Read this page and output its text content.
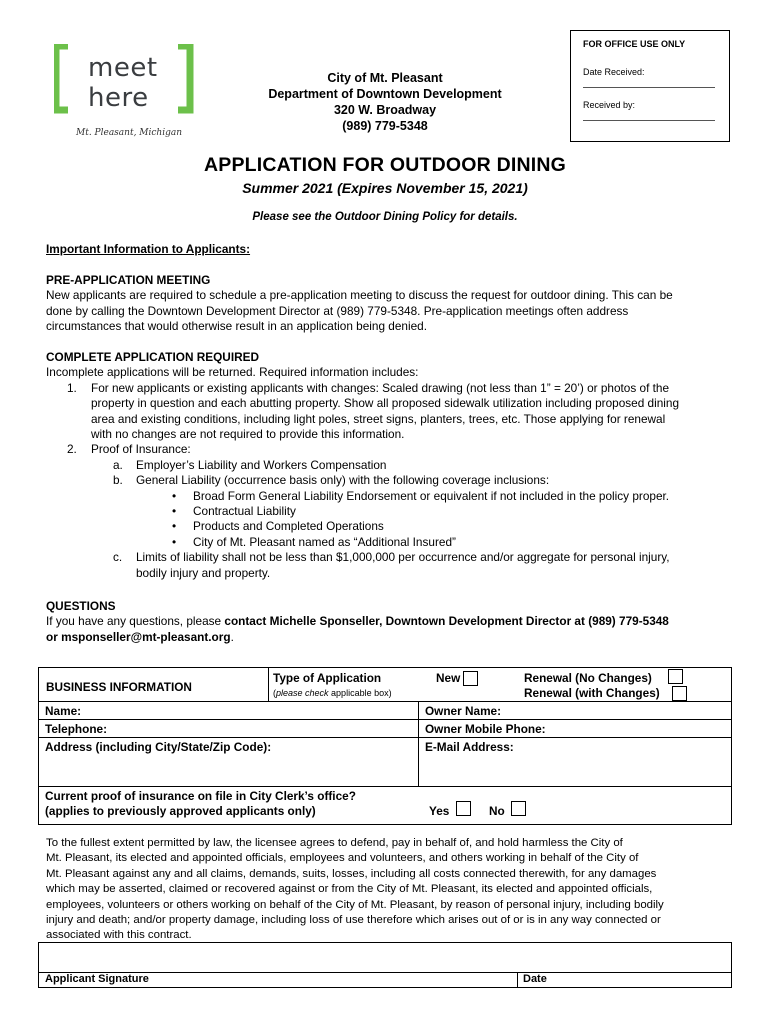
meet
here
Mt. Pleasant, Michigan
City of Mt. Pleasant
Department of Downtown Development
320 W. Broadway
(989) 779-5348
FOR OFFICE USE ONLY
Date Received:
Received by:
APPLICATION FOR OUTDOOR DINING
Summer 2021 (Expires November 15, 2021)
Please see the Outdoor Dining Policy for details.
Important Information to Applicants:
PRE-APPLICATION MEETING
New applicants are required to schedule a pre-application meeting to discuss the request for outdoor dining. This can be
done by calling the Downtown Development Director at (989) 779-5348. Pre-application meetings often address
circumstances that would otherwise result in an application being denied.
COMPLETE APPLICATION REQUIRED
Incomplete applications will be returned. Required information includes:
1. For new applicants or existing applicants with changes: Scaled drawing (not less than 1” = 20’) or photos of the
property in question and each abutting property. Show all proposed sidewalk utilization including proposed dining
area and existing conditions, including light poles, street signs, planters, trees, etc. Those applying for renewal
with no changes are not required to provide this information.
2. Proof of Insurance:
a. Employer’s Liability and Workers Compensation
b. General Liability (occurrence basis only) with the following coverage inclusions:
• Broad Form General Liability Endorsement or equivalent if not included in the policy proper.
• Contractual Liability
• Products and Completed Operations
• City of Mt. Pleasant named as “Additional Insured”
c. Limits of liability shall not be less than $1,000,000 per occurrence and/or aggregate for personal injury,
bodily injury and property.
QUESTIONS
If you have any questions, please contact Michelle Sponseller, Downtown Development Director at (989) 779-5348
or msponseller@mt-pleasant.org.
BUSINESS INFORMATION
Type of Application
(please check applicable box)
New	Renewal (No Changes)
Renewal (with Changes)
Name:	Owner Name:
Telephone:	Owner Mobile Phone:
Address (including City/State/Zip Code):	E-Mail Address:
Current proof of insurance on file in City Clerk’s office?
(applies to previously approved applicants only)	Yes	No
To the fullest extent permitted by law, the licensee agrees to defend, pay in behalf of, and hold harmless the City of
Mt. Pleasant, its elected and appointed officials, employees and volunteers, and others working in behalf of the City of
Mt. Pleasant against any and all claims, demands, suits, losses, including all costs connected therewith, for any damages
which may be asserted, claimed or recovered against or from the City of Mt. Pleasant, its elected and appointed officials,
employees, volunteers or others working on behalf of the City of Mt. Pleasant, by reason of personal injury, including bodily
injury and death; and/or property damage, including loss of use therefore which arises out of or is in any way connected or
associated with this contract.
Applicant Signature	Date
